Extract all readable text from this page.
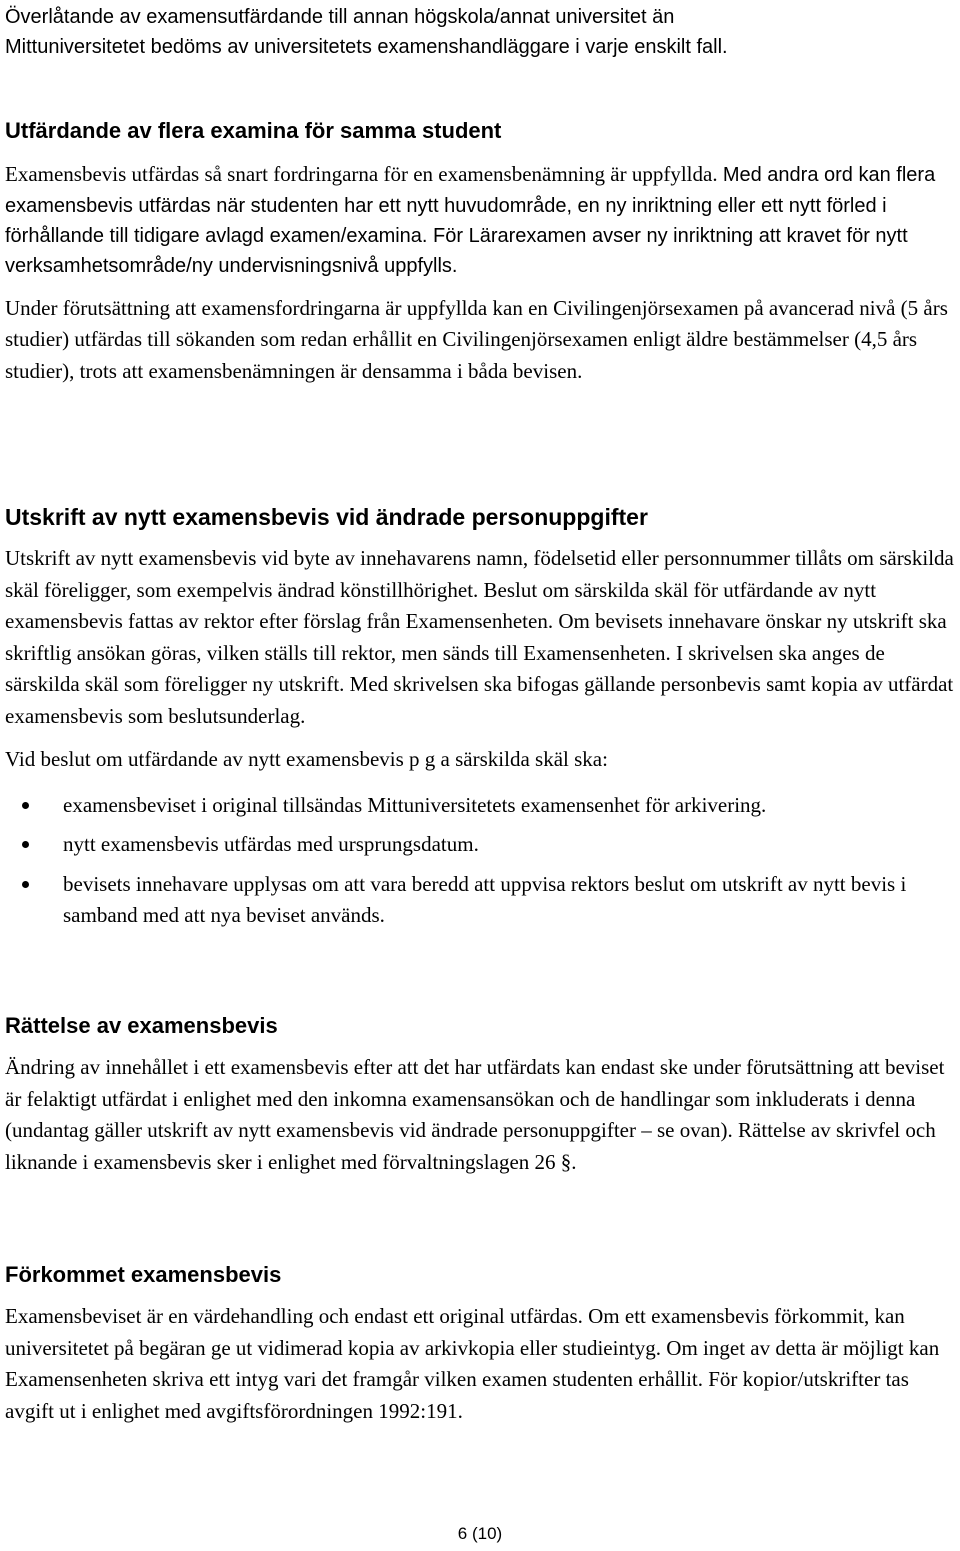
Överlåtande av examensutfärdande till annan högskola/annat universitet än Mittuniversitetet bedöms av universitetets examenshandläggare i varje enskilt fall.

Utfärdande av flera examina för samma student

Examensbevis utfärdas så snart fordringarna för en examensbenämning är uppfyllda. Med andra ord kan flera examensbevis utfärdas när studenten har ett nytt huvudområde, en ny inriktning eller ett nytt förled i förhållande till tidigare avlagd examen/examina. För Lärarexamen avser ny inriktning att kravet för nytt verksamhetsområde/ny undervisningsnivå uppfylls.

Under förutsättning att examensfordringarna är uppfyllda kan en Civilingenjörsexamen på avancerad nivå (5 års studier) utfärdas till sökanden som redan erhållit en Civilingenjörsexamen enligt äldre bestämmelser (4,5 års studier), trots att examensbenämningen är densamma i båda bevisen.

Utskrift av nytt examensbevis vid ändrade personuppgifter

Utskrift av nytt examensbevis vid byte av innehavarens namn, födelsetid eller personnummer tillåts om särskilda skäl föreligger, som exempelvis ändrad könstillhörighet. Beslut om särskilda skäl för utfärdande av nytt examensbevis fattas av rektor efter förslag från Examensenheten. Om bevisets innehavare önskar ny utskrift ska skriftlig ansökan göras, vilken ställs till rektor, men sänds till Examensenheten. I skrivelsen ska anges de särskilda skäl som föreligger ny utskrift. Med skrivelsen ska bifogas gällande personbevis samt kopia av utfärdat examensbevis som beslutsunderlag.

Vid beslut om utfärdande av nytt examensbevis p g a särskilda skäl ska:

examensbeviset i original tillsändas Mittuniversitetets examensenhet för arkivering.
nytt examensbevis utfärdas med ursprungsdatum.
bevisets innehavare upplysas om att vara beredd att uppvisa rektors beslut om utskrift av nytt bevis i samband med att nya beviset används.
Rättelse av examensbevis

Ändring av innehållet i ett examensbevis efter att det har utfärdats kan endast ske under förutsättning att beviset är felaktigt utfärdat i enlighet med den inkomna examensansökan och de handlingar som inkluderats i denna (undantag gäller utskrift av nytt examensbevis vid ändrade personuppgifter – se ovan). Rättelse av skrivfel och liknande i examensbevis sker i enlighet med förvaltningslagen 26 §.

Förkommet examensbevis

Examensbeviset är en värdehandling och endast ett original utfärdas. Om ett examensbevis förkommit, kan universitetet på begäran ge ut vidimerad kopia av arkivkopia eller studieintyg. Om inget av detta är möjligt kan Examensenheten skriva ett intyg vari det framgår vilken examen studenten erhållit. För kopior/utskrifter tas avgift ut i enlighet med avgiftsförordningen 1992:191.

6 (10)
